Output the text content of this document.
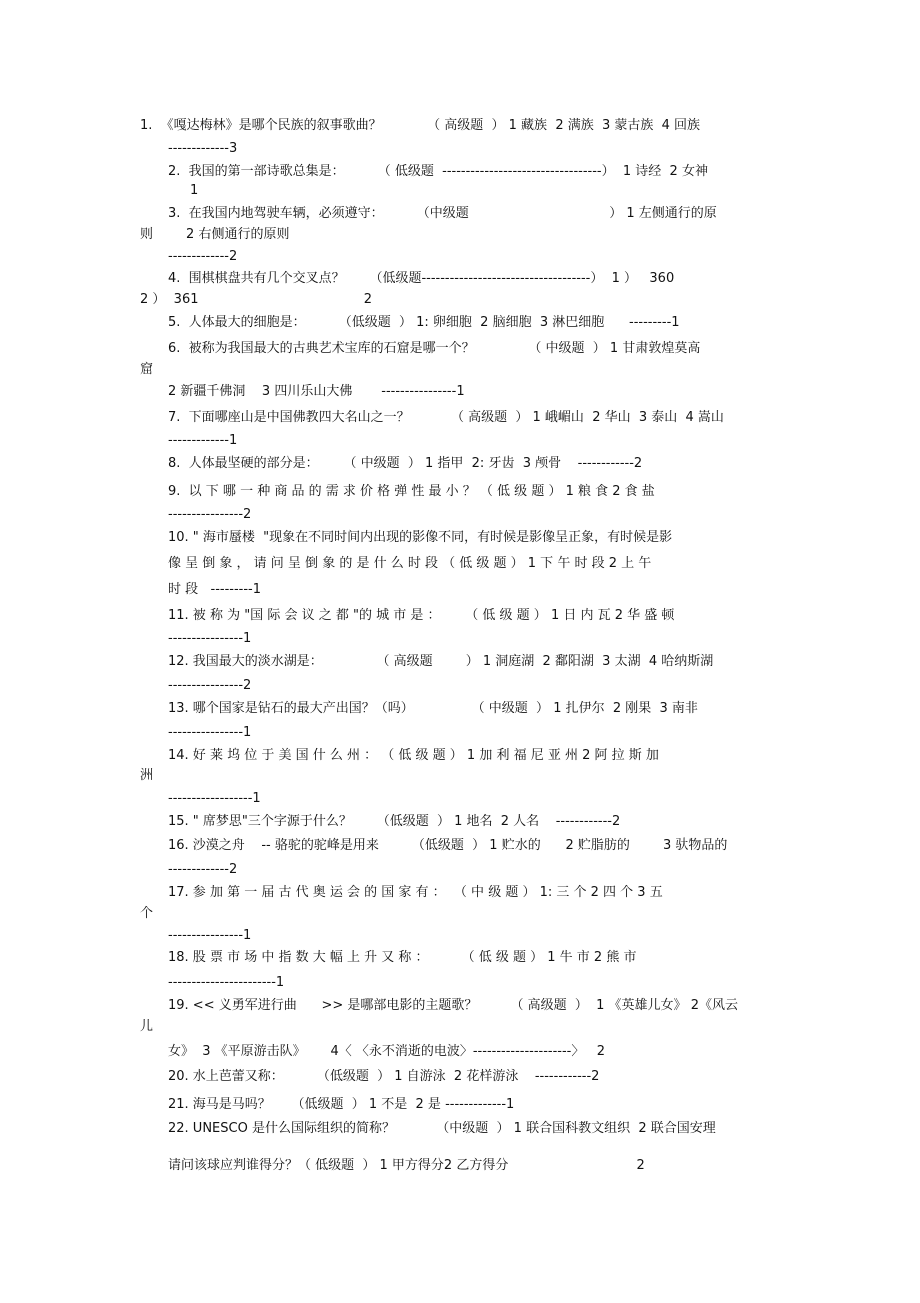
1.  《嘎达梅林》是哪个民族的叙事歌曲？           （ 高级题  ） 1 藏族  2 满族  3 蒙古族  4 回族

-------------3

2.  我国的第一部诗歌总集是：        （ 低级题  ----------------------------------）  1 诗经  2 女神

1

3.  在我国内地驾驶车辆，必须遵守：        （中级题                                  ） 1 左侧通行的原

则        2 右侧通行的原则

-------------2

4.  围棋棋盘共有几个交叉点？      （低级题------------------------------------）  1 ）   360

2 ）  361                                        2

5.  人体最大的细胞是：        （低级题  ） 1: 卵细胞  2 脑细胞  3 淋巴细胞      ---------1

6.  被称为我国最大的古典艺术宝库的石窟是哪一个？             （ 中级题  ） 1 甘肃敦煌莫高

窟

2 新疆千佛洞    3 四川乐山大佛       ----------------1

7.  下面哪座山是中国佛教四大名山之一？          （ 高级题  ） 1 峨嵋山  2 华山  3 泰山  4 嵩山

-------------1

8.  人体最坚硬的部分是：      （ 中级题  ） 1 指甲  2: 牙齿  3 颅骨    ------------2

9.  以 下 哪 一 种 商 品 的 需 求 价 格 弹 性 最 小 ？ （ 低 级 题 ） 1 粮 食 2 食 盐

----------------2

10. " 海市蜃楼  "现象在不同时间内出现的影像不同，有时候是影像呈正象，有时候是影

像 呈 倒 象 ， 请 问 呈 倒 象 的 是 什 么 时 段 （ 低 级 题 ） 1 下 午 时 段 2 上 午

时 段   ---------1

11. 被 称 为 "国 际 会 议 之 都 "的 城 市 是 ：      （ 低 级 题 ） 1 日 内 瓦 2 华 盛 顿

----------------1

12. 我国最大的淡水湖是：             （ 高级题        ） 1 洞庭湖  2 鄱阳湖  3 太湖  4 哈纳斯湖

----------------2

13. 哪个国家是钻石的最大产出国？（吗）              （ 中级题  ） 1 扎伊尔  2 刚果  3 南非

----------------1

14. 好 莱 坞 位 于 美 国 什 么 州 ： （ 低 级 题 ） 1 加 利 福 尼 亚 州 2 阿 拉 斯 加

洲

------------------1

15. " 席梦思"三个字源于什么？      （低级题  ） 1 地名  2 人名    ------------2

16. 沙漠之舟    -- 骆驼的驼峰是用来        （低级题  ） 1 贮水的      2 贮脂肪的        3 驮物品的

-------------2

17. 参 加 第 一 届 古 代 奥 运 会 的 国 家 有 ：  （ 中 级 题 ） 1: 三 个 2 四 个 3 五

个

----------------1

18. 股 票 市 场 中 指 数 大 幅 上 升 又 称 ：        （ 低 级 题 ） 1 牛 市 2 熊 市

-----------------------1

19. << 义勇军进行曲      >> 是哪部电影的主题歌？        （ 高级题  ）  1 《英雄儿女》 2《风云

儿

女》  3 《平原游击队》      4〈 〈永不消逝的电波〉---------------------〉   2

20. 水上芭蕾又称：        （低级题  ） 1 自游泳  2 花样游泳    ------------2

21. 海马是马吗？     （低级题  ） 1 不是  2 是 -------------1

22. UNESCO 是什么国际组织的简称？          （中级题  ） 1 联合国科教文组织  2 联合国安理

请问该球应判谁得分？（ 低级题  ） 1 甲方得分2 乙方得分                               2
